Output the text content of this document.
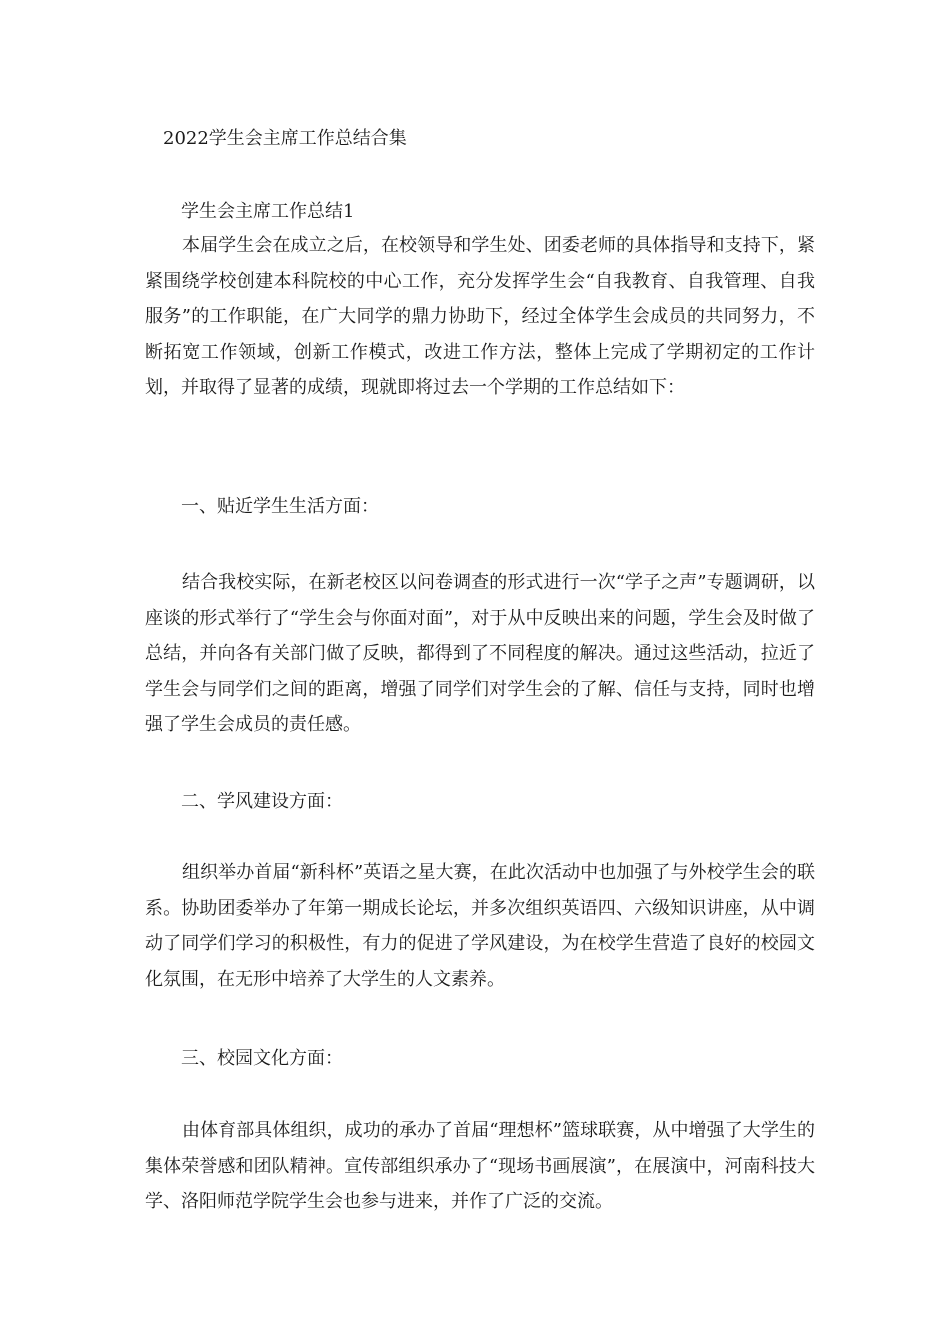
2022学生会主席工作总结合集
学生会主席工作总结1
本届学生会在成立之后，在校领导和学生处、团委老师的具体指导和支持下，紧紧围绕学校创建本科院校的中心工作，充分发挥学生会“自我教育、自我管理、自我服务”的工作职能，在广大同学的鼎力协助下，经过全体学生会成员的共同努力，不断拓宽工作领域，创新工作模式，改进工作方法，整体上完成了学期初定的工作计划，并取得了显著的成绩，现就即将过去一个学期的工作总结如下：
一、贴近学生生活方面：
结合我校实际，在新老校区以问卷调查的形式进行一次“学子之声”专题调研，以座谈的形式举行了“学生会与你面对面”，对于从中反映出来的问题，学生会及时做了总结，并向各有关部门做了反映，都得到了不同程度的解决。通过这些活动，拉近了学生会与同学们之间的距离，增强了同学们对学生会的了解、信任与支持，同时也增强了学生会成员的责任感。
二、学风建设方面：
组织举办首届“新科杯”英语之星大赛，在此次活动中也加强了与外校学生会的联系。协助团委举办了年第一期成长论坛，并多次组织英语四、六级知识讲座，从中调动了同学们学习的积极性，有力的促进了学风建设，为在校学生营造了良好的校园文化氛围，在无形中培养了大学生的人文素养。
三、校园文化方面：
由体育部具体组织，成功的承办了首届“理想杯”篮球联赛，从中增强了大学生的集体荣誉感和团队精神。宣传部组织承办了“现场书画展演”，在展演中，河南科技大学、洛阳师范学院学生会也参与进来，并作了广泛的交流。
